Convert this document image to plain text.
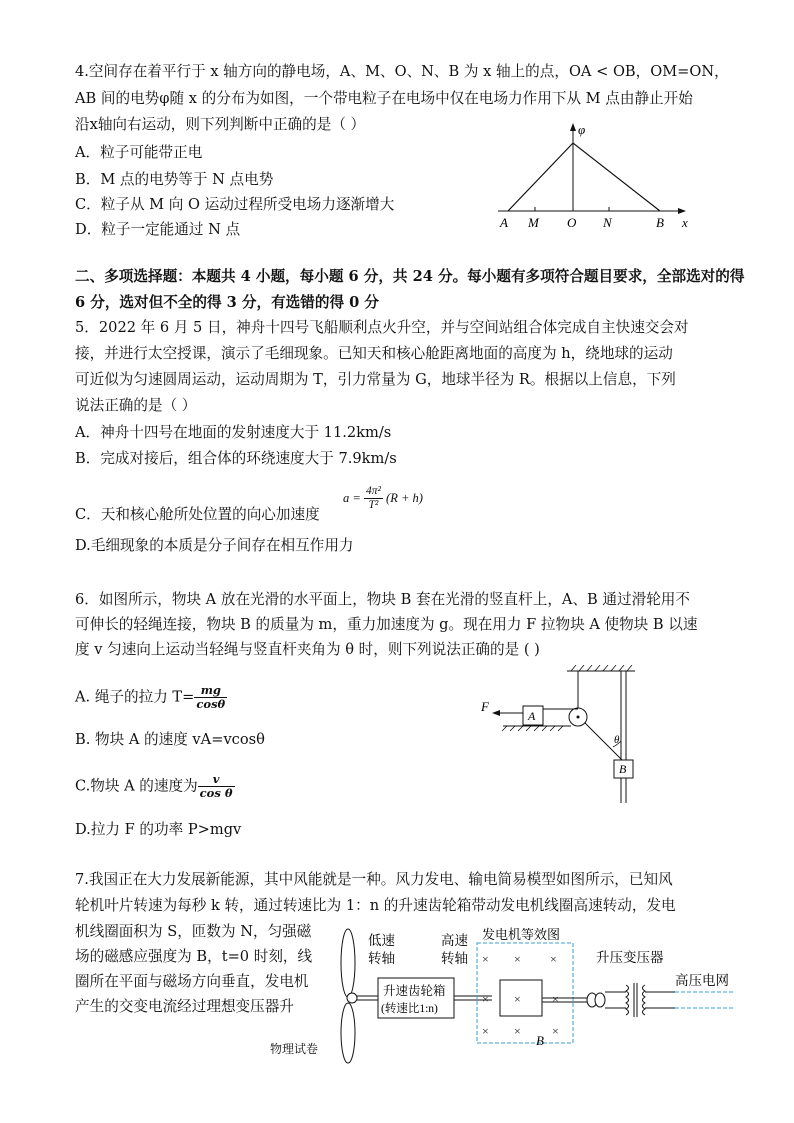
4.空间存在着平行于 x 轴方向的静电场，A、M、O、N、B 为 x 轴上的点，OA < OB，OM=ON，
AB 间的电势φ随 x 的分布为如图，一个带电粒子在电场中仅在电场力作用下从 M 点由静止开始
沿x轴向右运动，则下列判断中正确的是（ ）
A．粒子可能带正电
B．M 点的电势等于 N 点电势
C．粒子从 M 向 O 运动过程所受电场力逐渐增大
D．粒子一定能通过 N 点
φ
x
A M O N	B
二、多项选择题：本题共 4 小题，每小题 6 分，共 24 分。每小题有多项符合题目要求，全部选对的得
6 分，选对但不全的得 3 分，有选错的得 0 分
5．2022 年 6 月 5 日，神舟十四号飞船顺利点火升空，并与空间站组合体完成自主快速交会对
接，并进行太空授课，演示了毛细现象。已知天和核心舱距离地面的高度为 h，绕地球的运动
可近似为匀速圆周运动，运动周期为 T，引力常量为 G，地球半径为 R。根据以上信息，下列
说法正确的是（ ）
A．神舟十四号在地面的发射速度大于 11.2km/s
B．完成对接后，组合体的环绕速度大于 7.9km/s
C．天和核心舱所处位置的向心加速度
$a = \frac{\text{4π²}}{\text{T²}} (R + h)$
D.毛细现象的本质是分子间存在相互作用力
6．如图所示，物块 A 放在光滑的水平面上，物块 B 套在光滑的竖直杆上，A、B 通过滑轮用不
可伸长的轻绳连接，物块 B 的质量为 m，重力加速度为 g。现在用力 F 拉物块 A 使物块 B 以速
度 v 匀速向上运动当轻绳与竖直杆夹角为 θ 时，则下列说法正确的是 ( )
A. 绳子的拉力 $T= \frac{mg}{\cos\theta}$
B. 物块 A 的速度 vA=vcosθ
C.物块 A 的速度为 $\frac{v}{\text{cos θ}}$
D.拉力 F 的功率 P>mgv
A
F
θ
B
7.我国正在大力发展新能源，其中风能就是一种。风力发电、输电简易模型如图所示，已知风
轮机叶片转速为每秒 k 转，通过转速比为 1：n 的升速齿轮箱带动发电机线圈高速转动，发电
机线圈面积为 S，匝数为 N，匀强磁
场的磁感应强度为 B，t=0 时刻，线
圈所在平面与磁场方向垂直，发电机
产生的交变电流经过理想变压器升
低速
转轴
升速齿轮箱
(转速比1:n)
高速
转轴
发电机等效图
× × ×
× ×	×
× ×	×
B
升压变压器
高压电网
物理试卷
